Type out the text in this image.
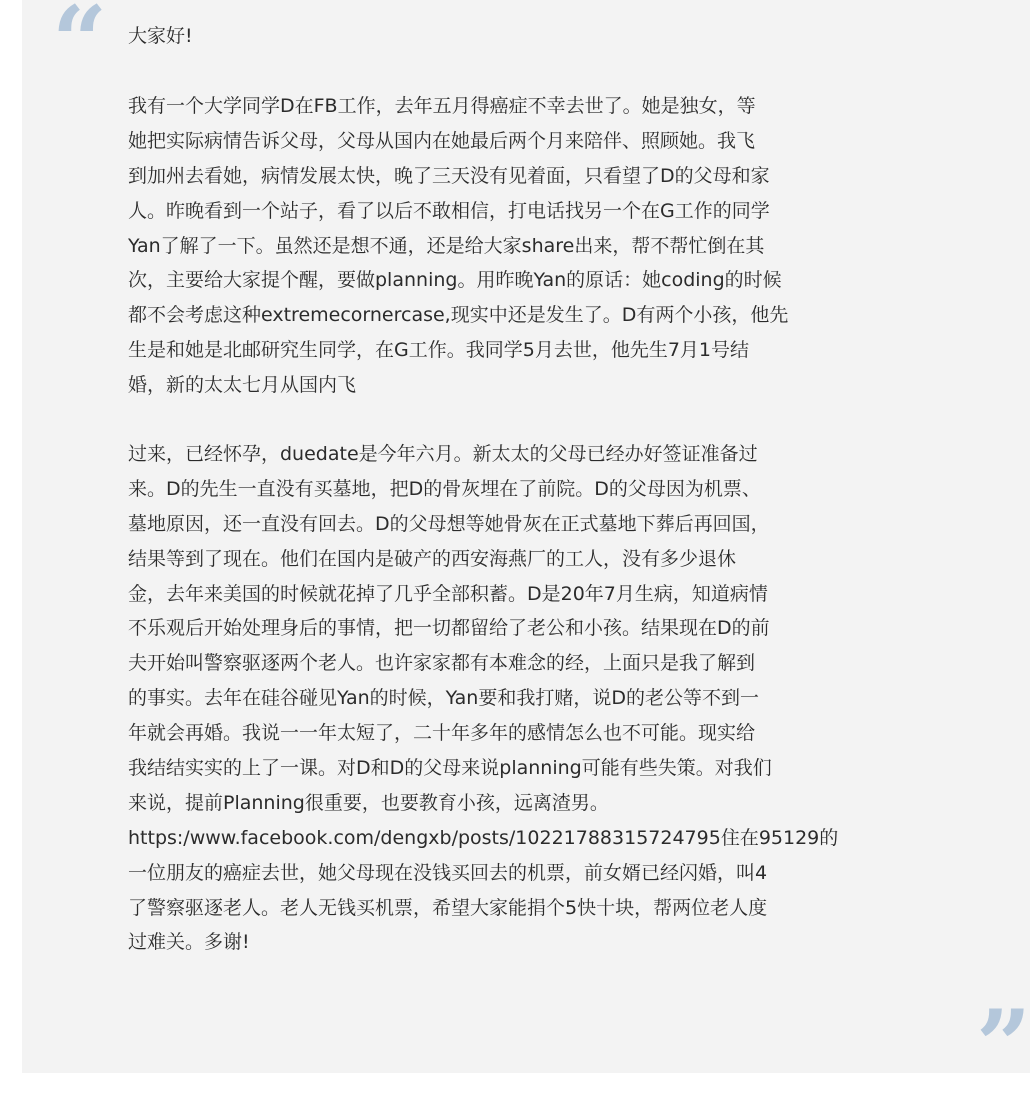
“ 大家好!

我有一个大学同学D在FB工作，去年五月得癌症不幸去世了。她是独女，等
她把实际病情告诉父母，父母从国内在她最后两个月来陪伴、照顾她。我飞
到加州去看她，病情发展太快，晚了三天没有见着面，只看望了D的父母和家
人。昨晚看到一个站子，看了以后不敢相信，打电话找另一个在G工作的同学
Yan了解了一下。虽然还是想不通，还是给大家share出来，帮不帮忙倒在其
次，主要给大家提个醒，要做planning。用昨晚Yan的原话：她coding的时候
都不会考虑这种extremecornercase,现实中还是发生了。D有两个小孩，他先
生是和她是北邮研究生同学，在G工作。我同学5月去世，他先生7月1号结
婚，新的太太七月从国内飞
过来，已经怀孕，duedate是今年六月。新太太的父母已经办好签证准备过
来。D的先生一直没有买墓地，把D的骨灰埋在了前院。D的父母因为机票、
墓地原因，还一直没有回去。D的父母想等她骨灰在正式墓地下葬后再回国，
结果等到了现在。他们在国内是破产的西安海燕厂的工人，没有多少退休
金，去年来美国的时候就花掉了几乎全部积蓄。D是20年7月生病，知道病情
不乐观后开始处理身后的事情，把一切都留给了老公和小孩。结果现在D的前
夫开始叫警察驱逐两个老人。也许家家都有本难念的经，上面只是我了解到
的事实。去年在硅谷碰见Yan的时候，Yan要和我打赌，说D的老公等不到一
年就会再婚。我说一一年太短了，二十年多年的感情怎么也不可能。现实给
我结结实实的上了一课。对D和D的父母来说planning可能有些失策。对我们
来说，提前Planning很重要，也要教育小孩，远离渣男。
https:/www.facebook.com/dengxb/posts/10221788315724795住在95129的
一位朋友的癌症去世，她父母现在没钱买回去的机票，前女婿已经闪婚，叫4
了警察驱逐老人。老人无钱买机票，希望大家能捐个5快十块，帮两位老人度
过难关。多谢!
”
